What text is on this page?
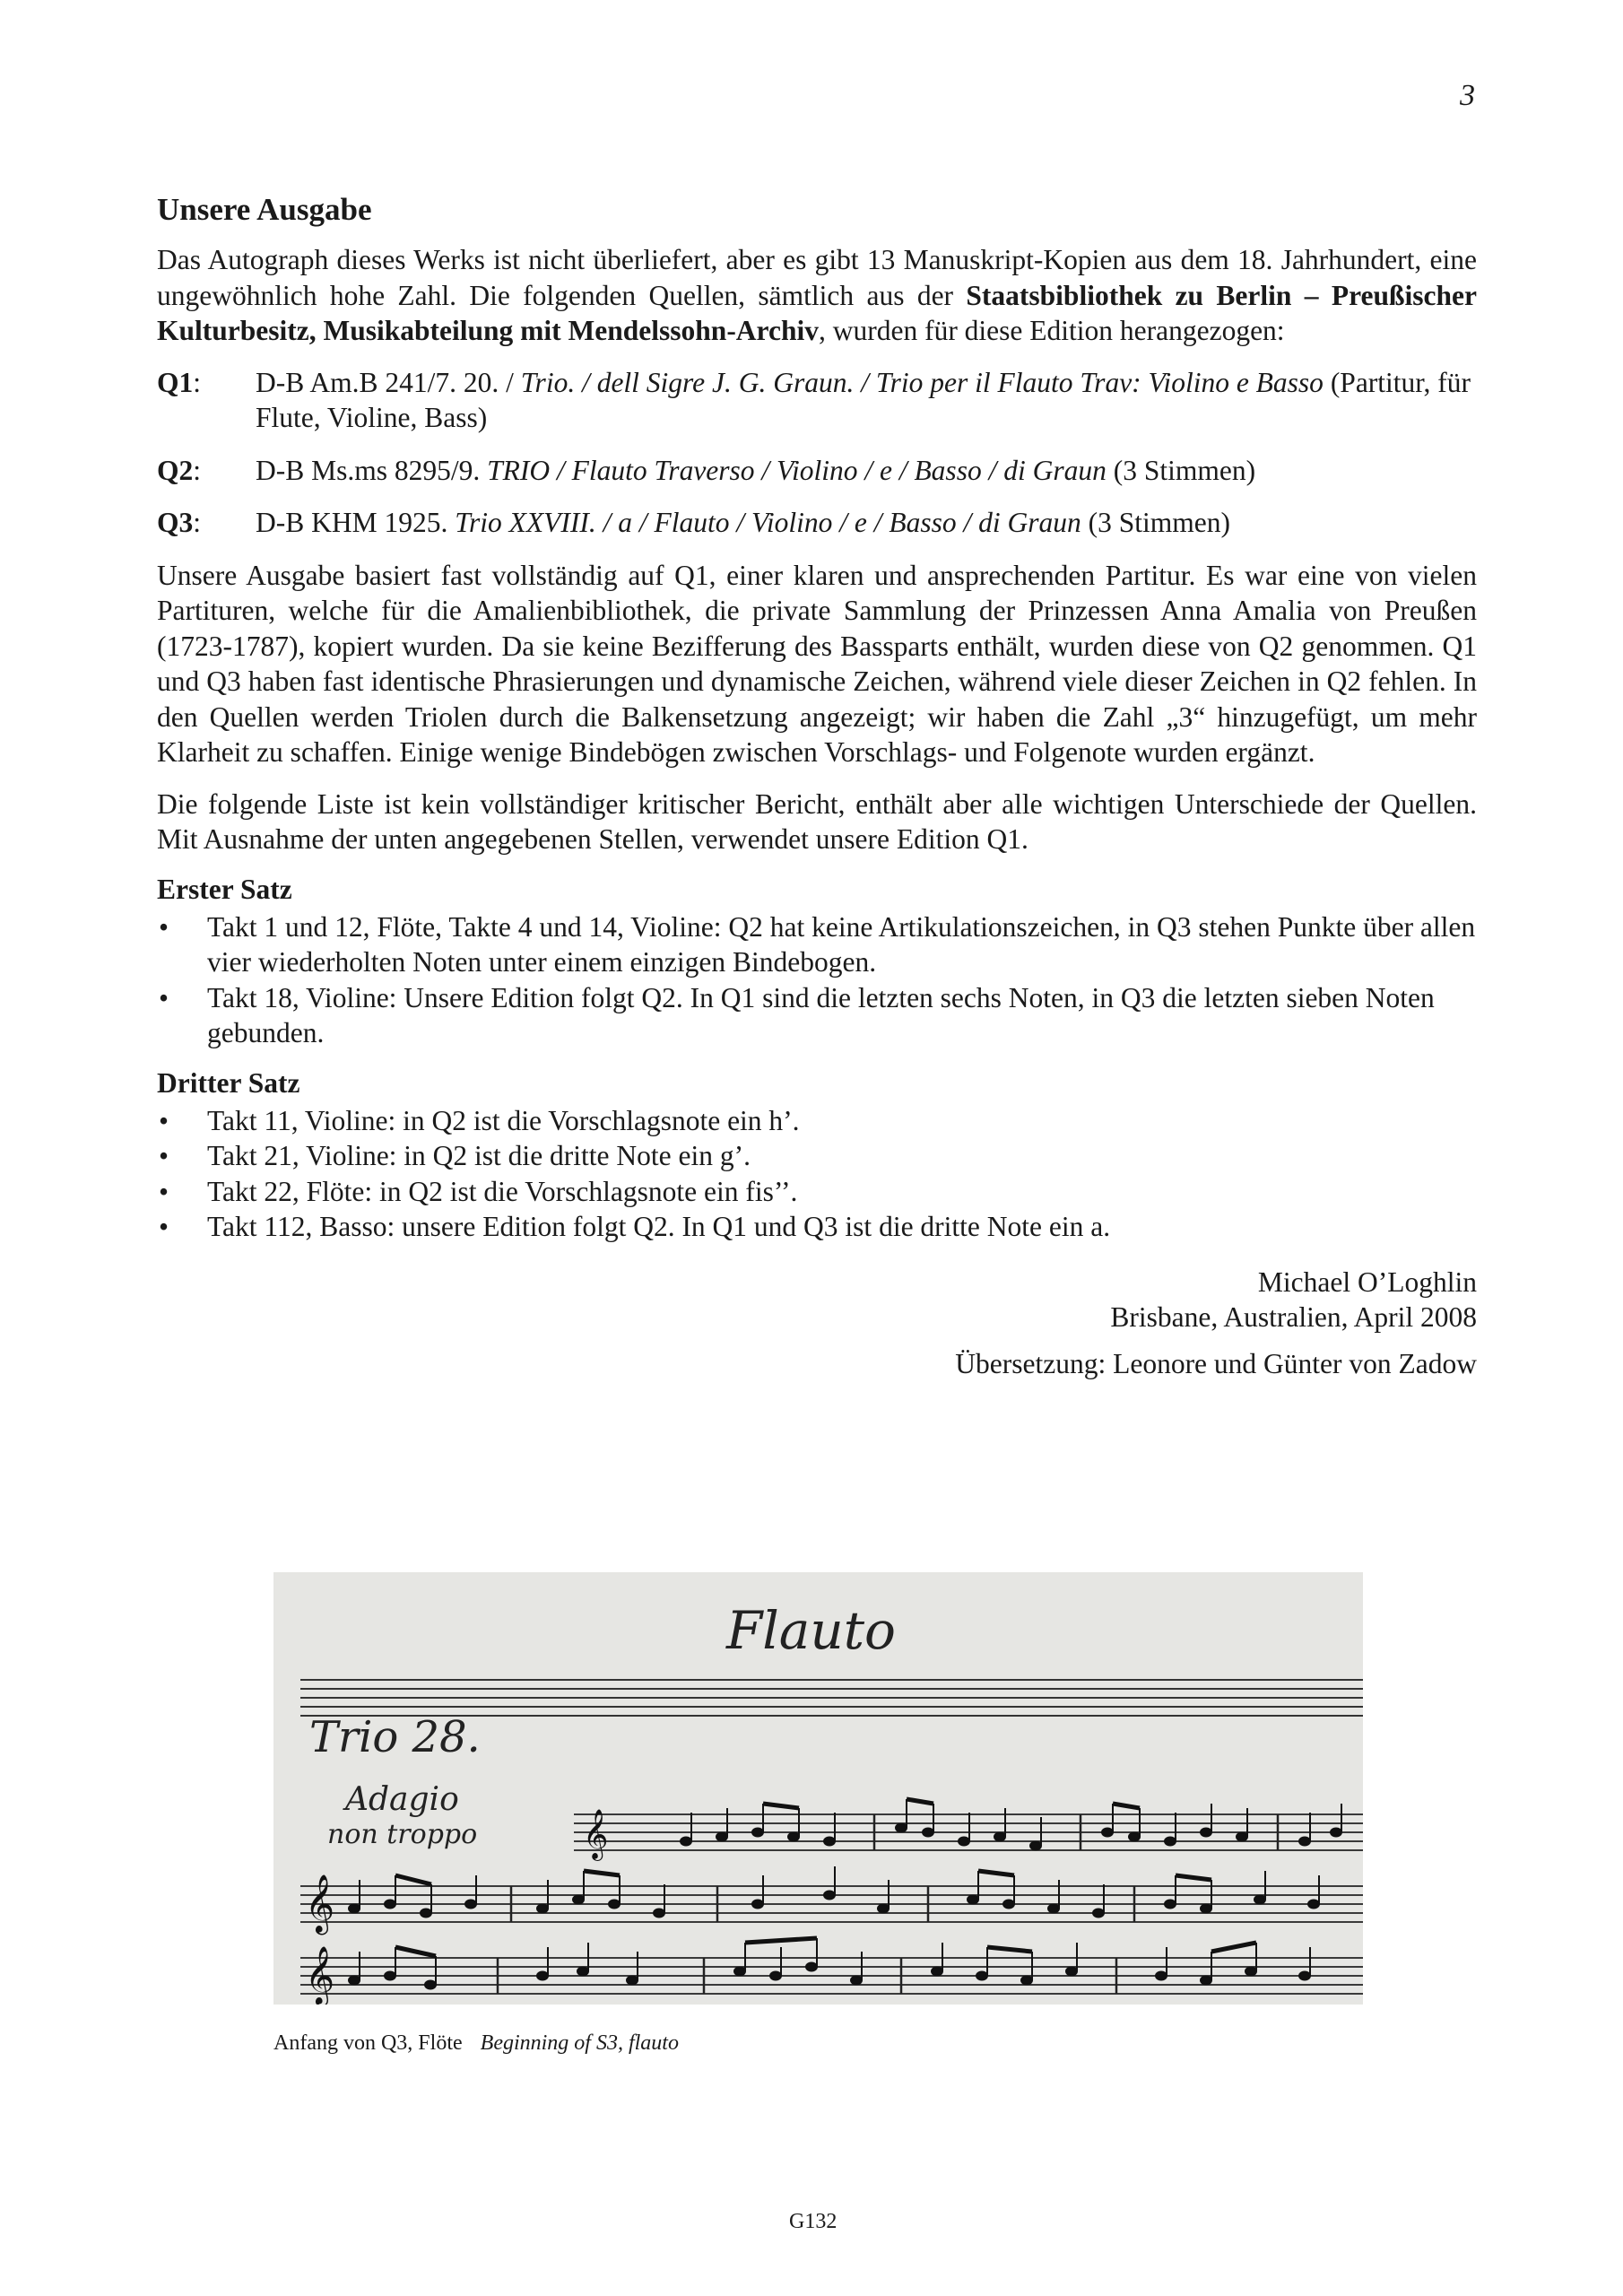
3
Unsere Ausgabe

Das Autograph dieses Werks ist nicht überliefert, aber es gibt 13 Manuskript-Kopien aus dem 18. Jahrhundert, eine ungewöhnlich hohe Zahl. Die folgenden Quellen, sämtlich aus der Staatsbibliothek zu Berlin – Preußischer Kulturbesitz, Musikabteilung mit Mendelssohn-Archiv, wurden für diese Edition herangezogen:

Q1:	D-B Am.B 241/7. 20. / Trio. / dell Sigre J. G. Graun. / Trio per il Flauto Trav: Violino e Basso (Partitur, für Flute, Violine, Bass)
Q2:	D-B Ms.ms 8295/9. TRIO / Flauto Traverso / Violino / e / Basso / di Graun (3 Stimmen)
Q3:	D-B KHM 1925. Trio XXVIII. / a / Flauto / Violino / e / Basso / di Graun (3 Stimmen)

Unsere Ausgabe basiert fast vollständig auf Q1, einer klaren und ansprechenden Partitur. Es war eine von vielen Partituren, welche für die Amalienbibliothek, die private Sammlung der Prinzessen Anna Amalia von Preußen (1723-1787), kopiert wurden. Da sie keine Bezifferung des Bassparts enthält, wurden diese von Q2 genommen. Q1 und Q3 haben fast identische Phrasierungen und dynamische Zeichen, während viele dieser Zeichen in Q2 fehlen. In den Quellen werden Triolen durch die Balkensetzung angezeigt; wir haben die Zahl „3“ hinzugefügt, um mehr Klarheit zu schaffen. Einige wenige Bindebögen zwischen Vorschlags- und Folgenote wurden ergänzt.

Die folgende Liste ist kein vollständiger kritischer Bericht, enthält aber alle wichtigen Unterschiede der Quellen. Mit Ausnahme der unten angegebenen Stellen, verwendet unsere Edition Q1.

Erster Satz
•	Takt 1 und 12, Flöte, Takte 4 und 14, Violine: Q2 hat keine Artikulationszeichen, in Q3 stehen Punkte über allen vier wiederholten Noten unter einem einzigen Bindebogen.
•	Takt 18, Violine: Unsere Edition folgt Q2. In Q1 sind die letzten sechs Noten, in Q3 die letzten sieben Noten gebunden.
Dritter Satz
•	Takt 11, Violine: in Q2 ist die Vorschlagsnote ein h’.
•	Takt 21, Violine: in Q2 ist die dritte Note ein g’.
•	Takt 22, Flöte: in Q2 ist die Vorschlagsnote ein fis’’.
•	Takt 112, Basso: unsere Edition folgt Q2. In Q1 und Q3 ist die dritte Note ein a.
Michael O’Loghlin
Brisbane, Australien, April 2008
Übersetzung: Leonore und Günter von Zadow
Flauto
Trio 28.
Adagio
non troppo
𝄞
𝄞
𝄞
Anfang von Q3, Flöte Beginning of S3, flauto
G132
